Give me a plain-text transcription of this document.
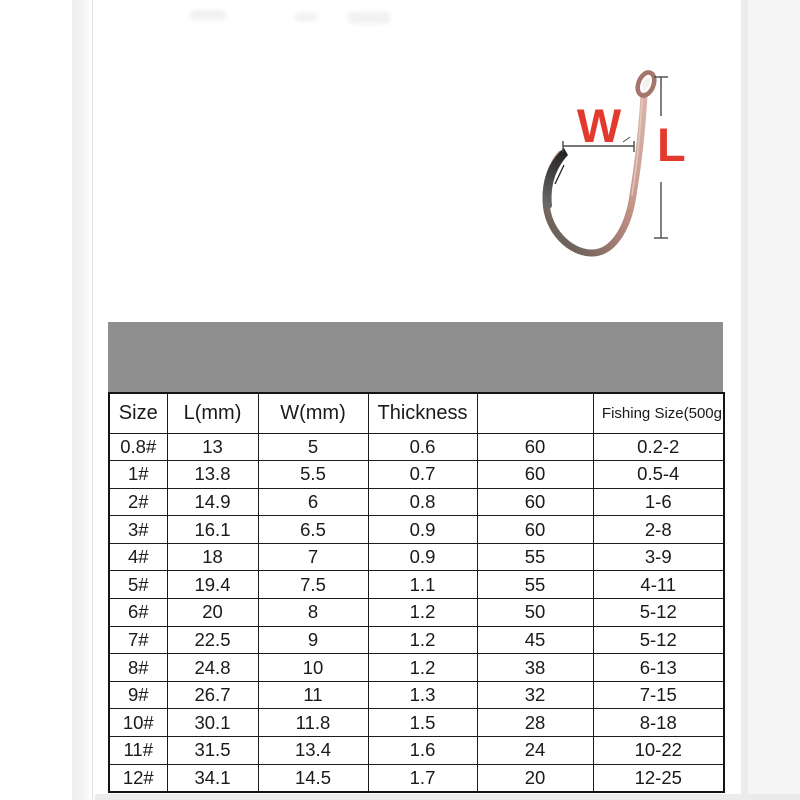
W L
Size	L(mm)	W(mm)	Thickness		Fishing Size(500g
0.8#	13	5	0.6	60	0.2-2
1#	13.8	5.5	0.7	60	0.5-4
2#	14.9	6	0.8	60	1-6
3#	16.1	6.5	0.9	60	2-8
4#	18	7	0.9	55	3-9
5#	19.4	7.5	1.1	55	4-11
6#	20	8	1.2	50	5-12
7#	22.5	9	1.2	45	5-12
8#	24.8	10	1.2	38	6-13
9#	26.7	11	1.3	32	7-15
10#	30.1	11.8	1.5	28	8-18
11#	31.5	13.4	1.6	24	10-22
12#	34.1	14.5	1.7	20	12-25
